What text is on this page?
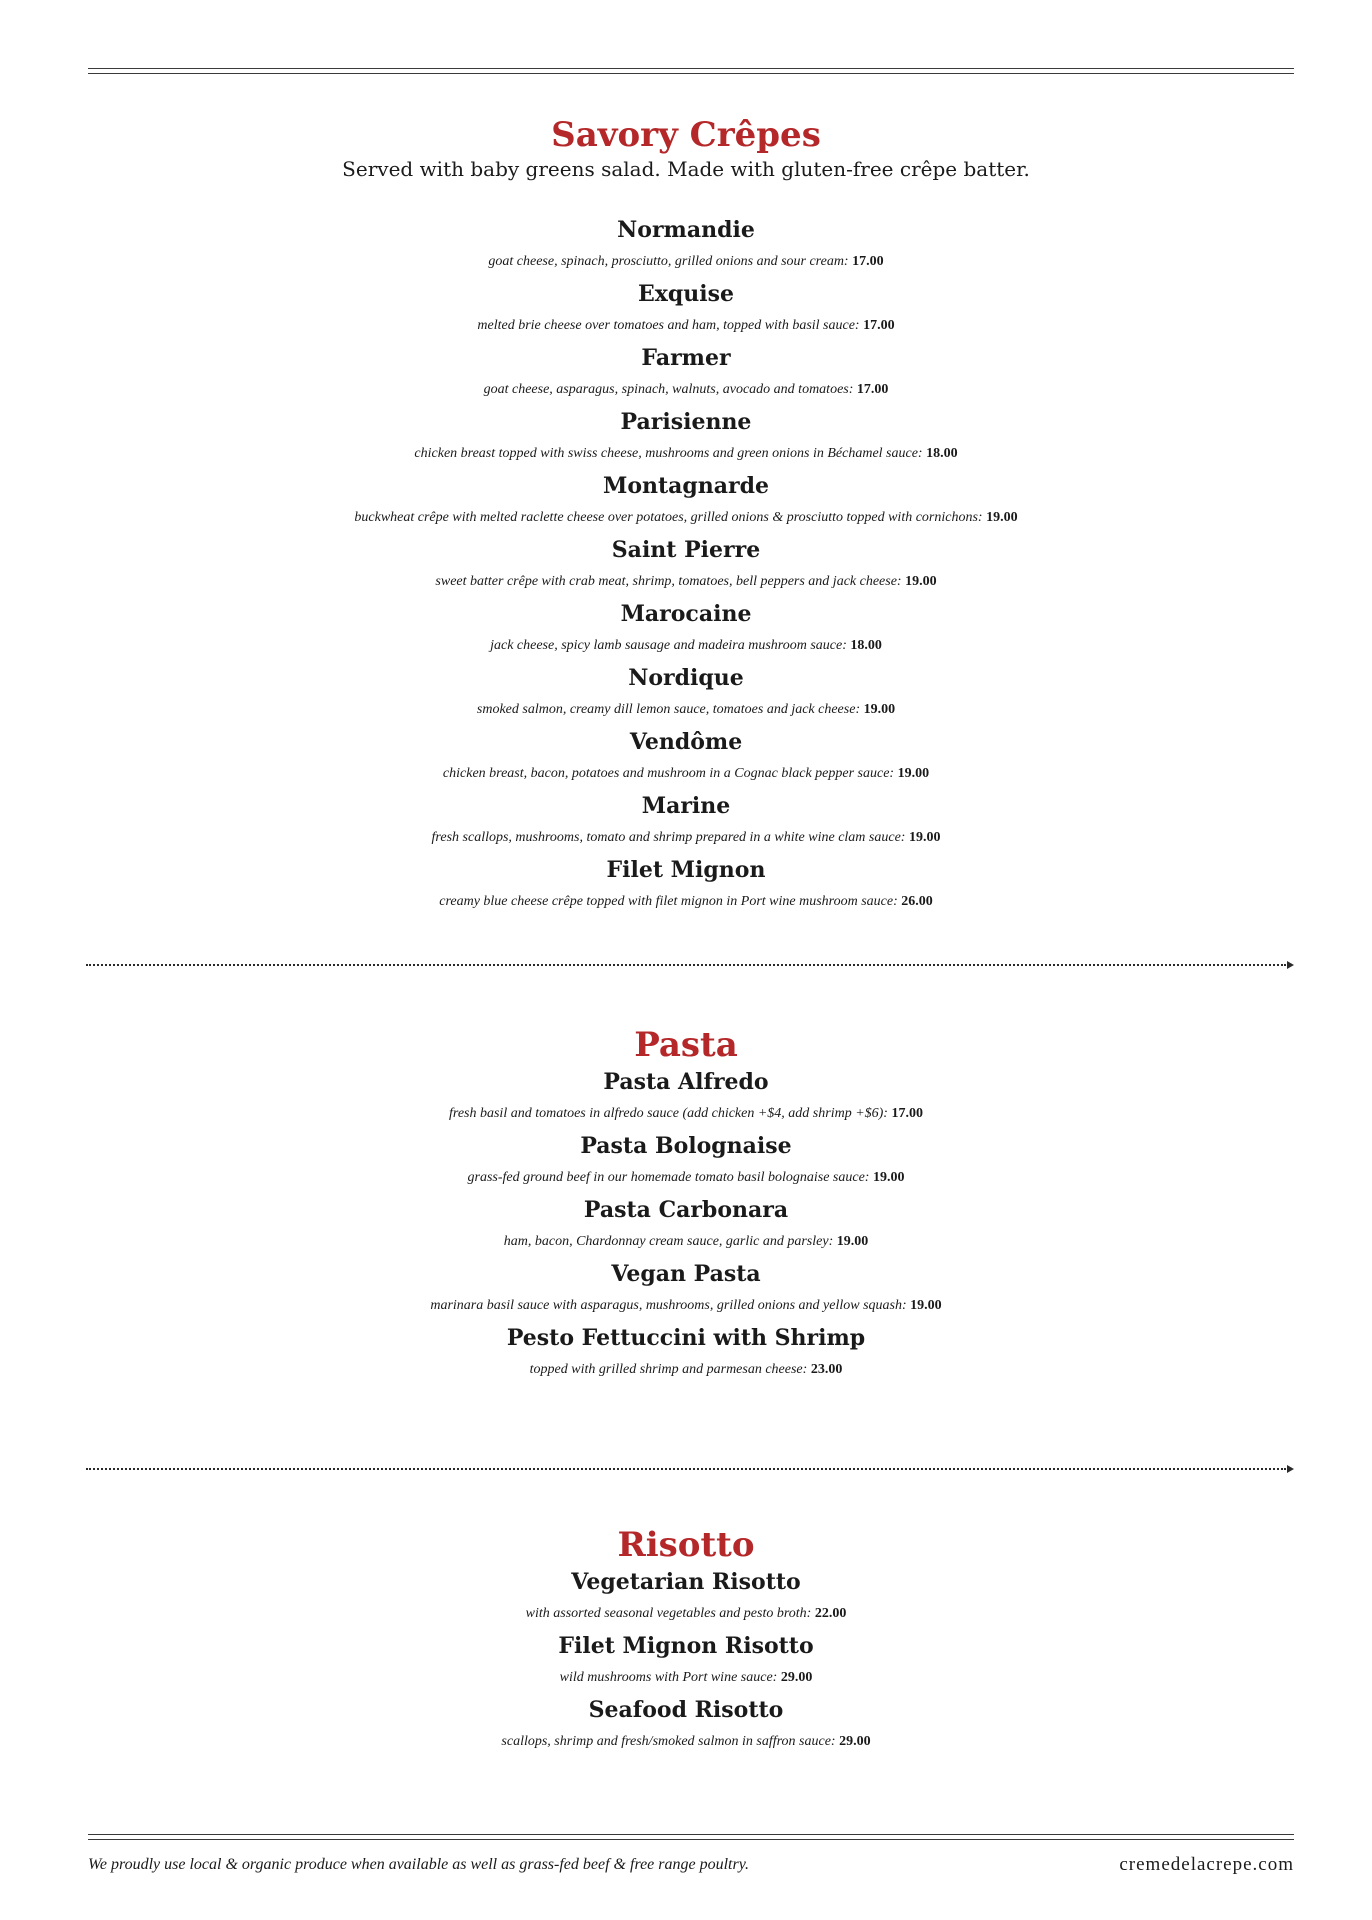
Savory Crêpes
Served with baby greens salad. Made with gluten-free crêpe batter.
Normandie
goat cheese, spinach, prosciutto, grilled onions and sour cream: 17.00
Exquise
melted brie cheese over tomatoes and ham, topped with basil sauce: 17.00
Farmer
goat cheese, asparagus, spinach, walnuts, avocado and tomatoes: 17.00
Parisienne
chicken breast topped with swiss cheese, mushrooms and green onions in Béchamel sauce: 18.00
Montagnarde
buckwheat crêpe with melted raclette cheese over potatoes, grilled onions & prosciutto topped with cornichons: 19.00
Saint Pierre
sweet batter crêpe with crab meat, shrimp, tomatoes, bell peppers and jack cheese: 19.00
Marocaine
jack cheese, spicy lamb sausage and madeira mushroom sauce: 18.00
Nordique
smoked salmon, creamy dill lemon sauce, tomatoes and jack cheese: 19.00
Vendôme
chicken breast, bacon, potatoes and mushroom in a Cognac black pepper sauce: 19.00
Marine
fresh scallops, mushrooms, tomato and shrimp prepared in a white wine clam sauce: 19.00
Filet Mignon
creamy blue cheese crêpe topped with filet mignon in Port wine mushroom sauce: 26.00
Pasta
Pasta Alfredo
fresh basil and tomatoes in alfredo sauce (add chicken +$4, add shrimp +$6): 17.00
Pasta Bolognaise
grass-fed ground beef in our homemade tomato basil bolognaise sauce: 19.00
Pasta Carbonara
ham, bacon, Chardonnay cream sauce, garlic and parsley: 19.00
Vegan Pasta
marinara basil sauce with asparagus, mushrooms, grilled onions and yellow squash: 19.00
Pesto Fettuccini with Shrimp
topped with grilled shrimp and parmesan cheese: 23.00
Risotto
Vegetarian Risotto
with assorted seasonal vegetables and pesto broth: 22.00
Filet Mignon Risotto
wild mushrooms with Port wine sauce: 29.00
Seafood Risotto
scallops, shrimp and fresh/smoked salmon in saffron sauce: 29.00
We proudly use local & organic produce when available as well as grass-fed beef & free range poultry.	cremedelacrepe.com
